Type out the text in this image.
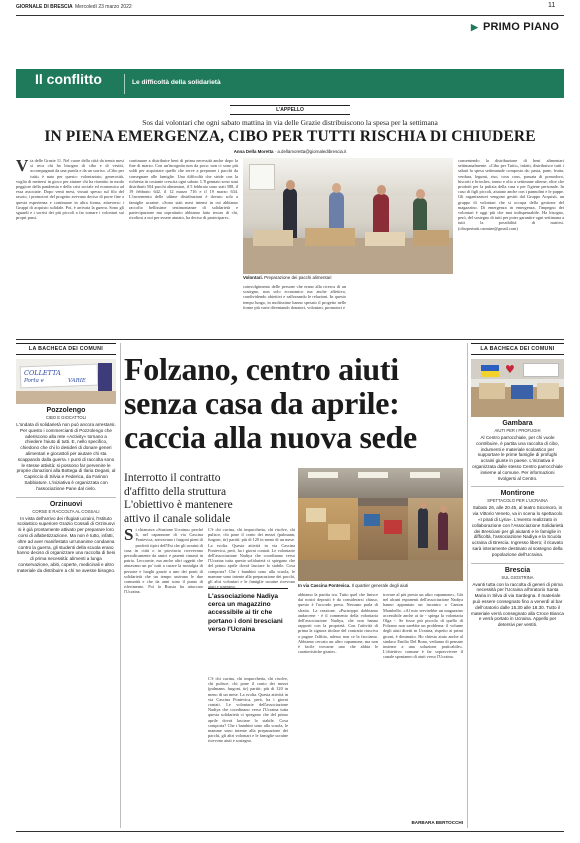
GIORNALE DI BRESCIA Mercoledì 23 marzo 2022	11
▶ PRIMO PIANO
Il conflitto	Le difficoltà della solidarietà
L'APPELLO
Sos dai volontari che ogni sabato mattina in via delle Grazie distribuiscono la spesa per la settimana
IN PIENA EMERGENZA, CIBO PER TUTTI RISCHIA DI CHIUDERE
Anna Della Moretta · a.dellamoretta@giornaledibrescia.it
Via delle Grazie 11. Nel cuore della città da trenta mesi si reca chi ha bisogno di cibo e di vestiti, accompagnati da una parola e da un sorriso. «Cibo per tutti» è nato per questo: volontariato, generosità, voglia di mettersi in gioco per aiutare chi ha risentito in modo peggiore della pandemia e della crisi sociale ed economica ad essa associate. Dopo venti mesi, vissuti spesso sul filo del rasoio, i promotori del progetto avevano deciso di porre fine a questa esperienza e continuare in altra forma, attraverso i Gruppi di acquisto solidale. Poi, è arrivata la guerra. Sono gli sguardi e i sorrisi dei più piccoli a far tornare i volontari sui propri passi.
continuare a distribuire beni di prima necessità anche dopo la fine di marzo. Con un'incognita non da poco: non ci sono più soldi per acquistare quello che serve a preparare i pacchi da consegnare alle famiglie. Una difficoltà che stride con la richiesta in costante crescita ogni sabato. L'8 gennaio sono stati distribuiti 504 pacchi alimentari, il 5 febbraio sono stati 588, il 19 febbraio 642, il 12 marzo 716 e il 19 marzo 634. L'incremento delle ultime distribuzioni è dovuto solo a famiglie ucraine. «Sono stati mesi intensi in cui abbiamo raccolto bellissime testimonianze di solidarietà e partecipazione ma soprattutto abbiamo fatto tesoro di chi, rivoltosi a noi per essere aiutato, ha deciso di partecipare».
Volontari. Preparazione dei pacchi alimentari
coinvolgimento delle persone che erano alla ricerca di un sostegno, non solo economico ma anche affettivo, condividendo obiettivi e rafforzando le relazioni. In questo tempo lungo, in moltissime hanno spesato il progetto nelle forme più varie diventando donatori, volontari, promotori e
consentendo la distribuzione di beni alimentari settimanalmente. «Cibo per Tutti», infatti, distribuisce tutti i sabati la spesa settimanale composta da: pasta, pane, frutta, verdura, legumi, riso, cous cous, passata di pomodoro, biscotti e brioches, tonno e olio a settimane alterne, oltre che prodotti per la pulizia della casa e per l'igiene personale. In caso di figli piccoli, aiutano anche con i pannolini e le pappe. Gli organizzatori vengono gestiti dal Gruppo Acquisti, un gruppo di volontari che si occupa della gestione del magazzino. Di emergenza in emergenza, l'impegno dei volontari è oggi più che mai indispensabile. Ha bisogno, però, del sostegno di tutti per poter garantire ogni settimana a tutti la possibilità di nutrirsi. (cibopertutti.carmine@gmail.com)
LA BACHECA DEI COMUNI
COLLETTA
Porta e	VARIE
Pozzolengo
CIBO E GIOCATTOLI
L'ondata di solidarietà non può ancora arrestarsi. Per questo i commercianti di Pozzolengo che aderiscono alla rete «Activity» tornano a chiedere l'aiuto di tutti. E, nello specifico, chiedono che chi lo desideri di donare generi alimentari e giocattoli per aiutare chi sta scappando dalla guerra. I punti di raccolta sono le stesse attività: si possono far pervenire le proprie donazioni alla Bottega di Ilaria Degani, al Capriccio di Silvia e Federica, da Farinon Sabbiature. L'iniziativa è organizzata con l'associazione Pane dal cielo.
Orzinuovi
CORSE E RACCOLTA AL COSSALI
In vista dell'arrivo dei rifugiati ucraini, l'Istituto scolastico superiore Grazio Cossali di Orzinuovi si è già prontamente attivato per preparare loro corsi di alfabetizzazione. Ma non è tutto, infatti, oltre ad aver manifestato un'unanime condanna contro la guerra, gli studenti della scuola erano hanno deciso di organizzare una raccolta di beni di prima necessità: alimenti a lunga conservazione, abiti, coperte, medicinali e altro materiale da distribuire a chi ne avesse bisogno.
Folzano, centro aiuti
senza casa da aprile:
caccia alla nuova sede
Interrotto il contratto
d'affitto della struttura
L'obiettivo è mantenere
attivo il canale solidale
In via Cascina Pontevica. Il quartier generale degli aiuti
Si chiamava «Stazione Ucraina» perché lì, nel capannone di via Cascina Pontevica, arrivavano i furgoni pieni di prodotti tipici dell'Est che gli ucraini di casa in città o in provincia ricevevano periodicamente da amici e parenti rimasti in patria. Leccornie, ma anche altri oggetti che aiutavano un po' tutti a curare la nostalgia di persone e luoghi grazie a uno dei ponti di solidarietà che un tempo univano le due comunità e che da anni sono il punto di riferimento. Poi la Russia ha attaccato l'Ucraina.
L'associazione Nadiya cerca un magazzino accessibile ai tir che portano i doni bresciani verso l'Ucraina
C'è chi cucina, chi impacchetta, chi risolve, chi pulisce, chi pone il conto dei mezzi (pulmann, furgoni, tir) partiti: più di 120 in meno di un mese. La svolta. Questa attività in via Cascina Pontevica, però, ha i giorni contati. Le volontarie dell'associazione Nadiya che coordinano verso l'Ucraina tutta questa solidarietà ci spiegano che del primo aprile dovrà lasciare lo stabile. Cosa comporta? Che i bambini sono alla scuola, le mamme sono intente alla preparazione dei pacchi, gli altri volontari e le famiglie ucraine ricevono aiuti e sostegno.
C'è chi cucina, chi impacchetta, chi risolve, chi pulisce, chi pone il conto dei mezzi (pulmann, furgoni, tir) partiti: più di 120 in meno di un mese. La svolta. Questa attività in via Cascina Pontevica, però, ha i giorni contati. Le volontarie dell'associazione Nadiya che coordinano verso l'Ucraina tutta questa solidarietà ci spiegano che del primo aprile dovrà lasciare lo stabile. Cosa comporta? Che i bambini sono alla scuola, le mamme sono intente alla preparazione dei pacchi, gli altri volontari e le famiglie ucraine ricevono aiuti e sostegno.
abbiamo la partita iva. Tutto quel che finisce dai nostri depositi è da considerarsi chiuso, questo è l'accordo preso. Nessuno parla di sfratto. La reazione. «Purtroppo dobbiamo andarcene - è il commento della volontaria dell'associazione Nadiya, che non hanno rapporti con la proprietà. Con l'attività di prima la signora titolare del contratto riusciva a pagare l'affitto, adesso non ce la facciamo. Abbiamo cercato un altro capannone, ma non è facile trovarne uno che abbia le caratteristiche giuste».
trovare al più presto un altro capannone», Già nel alcuni esponenti dell'associazione Nadiya hanno appuntato un incontro a Canton Mombello. «Al mio servirebbe un magazzino accessibile anche ai tir - spiega la volontaria Olga -. Se fosse più piccolo di quello di Folzano non sarebbe un problema: il volume degli aiuti diretti in Ucraina, rispetto ai primi giorni, è diminuito. Ho chiesto aiuto anche al sindaco Emilio Del Bono, vediamo di pensare insieme a una soluzione praticabile». L'obiettivo comune è far sopravvivere il canale spontaneo di aiuti verso l'Ucraina.
BARBARA BERTOCCHI
LA BACHECA DEI COMUNI
♥
Gambara
AIUTI PER I PROFUGHI
Al Centro parrocchiale, per chi vuole contribuire, è partita una raccolta di cibo, indumenti e materiale scolastico per supportare le prime famiglie di profughi ucraini giunte in paese. L'iniziativa è organizzata dalle stesso Centro parrocchiale insieme al comune. Per informazioni rivolgersi al Centro.
Montirone
SPETTACOLO PER L'UCRAINA
Sabato 26, alle 20.45, al teatro Sicomoro, in via Vittorio Veneto, va in scena lo spettacolo «I pirati di Lyria». L'evento realizzato in collaborazione con l'Associazione Solidarietà dei Bresciani per gli aiutanti e le famiglie in difficoltà, l'associazione Nadiya e la Scuola ucraina di Brescia. Ingresso libero; il ricavato sarà interamente destinato al sostegno della popolazione dell'Ucraina.
Brescia
SUL GIOSTRINA
Avanti tutta con la raccolta di generi di prima necessità per l'Ucraina all'oratorio Santa Maria in Silva di via Sardegna. Il materiale può essere consegnato fino a venerdì al bar dell'oratorio dalle 15.30 alle 18.30. Tutto il materiale verrà consegnato alla Croce Bianca e verrà portato in Ucraina. Appello per detersivi per vestiti.
